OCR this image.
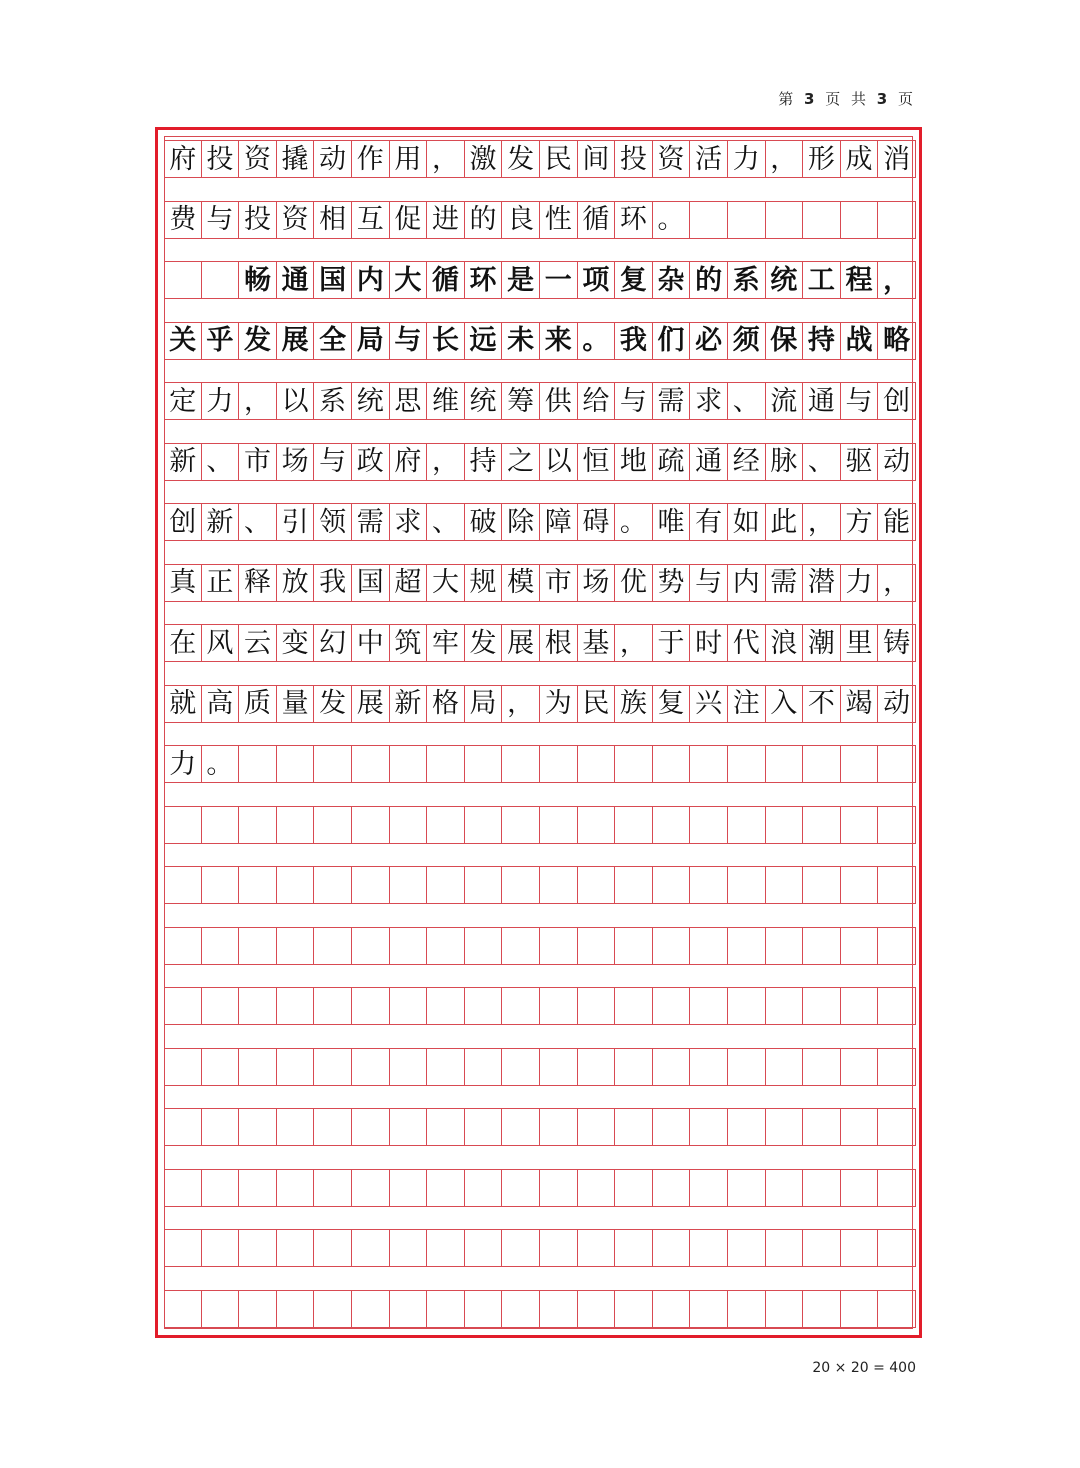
第 3 页 共 3 页
府 投 资 撬 动 作 用 ， 激 发 民 间 投 资 活 力 ， 形 成 消
费 与 投 资 相 互 促 进 的 良 性 循 环 。
畅 通 国 内 大 循 环 是 一 项 复 杂 的 系 统 工 程 ，
关 乎 发 展 全 局 与 长 远 未 来 。 我 们 必 须 保 持 战 略
定 力 ， 以 系 统 思 维 统 筹 供 给 与 需 求 、 流 通 与 创
新 、 市 场 与 政 府 ， 持 之 以 恒 地 疏 通 经 脉 、 驱 动
创 新 、 引 领 需 求 、 破 除 障 碍 。 唯 有 如 此 ， 方 能
真 正 释 放 我 国 超 大 规 模 市 场 优 势 与 内 需 潜 力 ，
在 风 云 变 幻 中 筑 牢 发 展 根 基 ， 于 时 代 浪 潮 里 铸
就 高 质 量 发 展 新 格 局 ， 为 民 族 复 兴 注 入 不 竭 动
力 。
20 × 20 = 400
